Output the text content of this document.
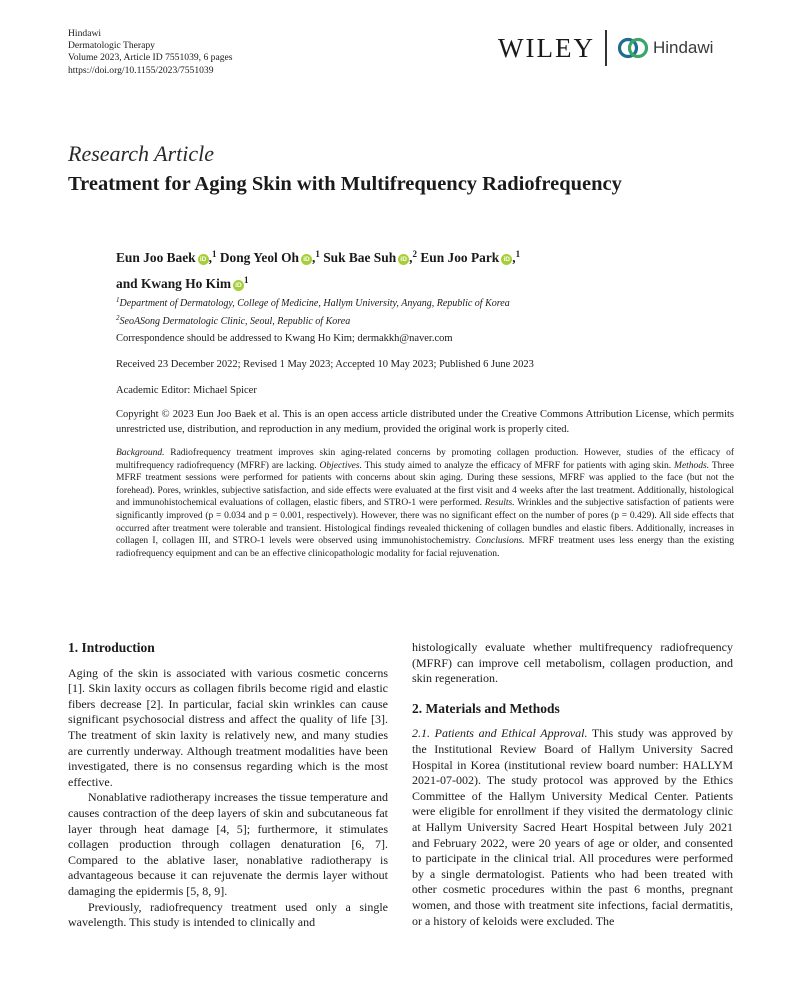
Hindawi
Dermatologic Therapy
Volume 2023, Article ID 7551039, 6 pages
https://doi.org/10.1155/2023/7551039
WILEY	Hindawi
Research Article
Treatment for Aging Skin with Multifrequency Radiofrequency
Eun Joo Baek iD ,$^1$ Dong Yeol Oh iD ,$^1$ Suk Bae Suh iD ,$^2$ Eun Joo Park iD ,$^1$
and Kwang Ho Kim iD$^1$
$^1$Department of Dermatology, College of Medicine, Hallym University, Anyang, Republic of Korea
$^2$SeoASong Dermatologic Clinic, Seoul, Republic of Korea
Correspondence should be addressed to Kwang Ho Kim; dermakkh@naver.com
Received 23 December 2022; Revised 1 May 2023; Accepted 10 May 2023; Published 6 June 2023
Academic Editor: Michael Spicer
Copyright © 2023 Eun Joo Baek et al. This is an open access article distributed under the Creative Commons Attribution License, which permits unrestricted use, distribution, and reproduction in any medium, provided the original work is properly cited.
Background. Radiofrequency treatment improves skin aging-related concerns by promoting collagen production. However, studies of the efficacy of multifrequency radiofrequency (MFRF) are lacking. Objectives. This study aimed to analyze the efficacy of MFRF for patients with aging skin. Methods. Three MFRF treatment sessions were performed for patients with concerns about skin aging. During these sessions, MFRF was applied to the face (but not the forehead). Pores, wrinkles, subjective satisfaction, and side effects were evaluated at the first visit and 4 weeks after the last treatment. Additionally, histological and immunohistochemical evaluations of collagen, elastic fibers, and STRO-1 were performed. Results. Wrinkles and the subjective satisfaction of patients were significantly improved (p = 0.034 and p = 0.001, respectively). However, there was no significant effect on the number of pores (p = 0.429). All side effects that occurred after treatment were tolerable and transient. Histological findings revealed thickening of collagen bundles and elastic fibers. Additionally, increases in collagen I, collagen III, and STRO-1 levels were observed using immunohistochemistry. Conclusions. MFRF treatment uses less energy than the existing radiofrequency equipment and can be an effective clinicopathologic modality for facial rejuvenation.
1. Introduction

Aging of the skin is associated with various cosmetic concerns [1]. Skin laxity occurs as collagen fibrils become rigid and elastic fibers decrease [2]. In particular, facial skin wrinkles can cause significant psychosocial distress and affect the quality of life [3]. The treatment of skin laxity is relatively new, and many studies are currently underway. Although treatment modalities have been investigated, there is no consensus regarding which is the most effective.

Nonablative radiotherapy increases the tissue temperature and causes contraction of the deep layers of skin and subcutaneous fat layer through heat damage [4, 5]; furthermore, it stimulates collagen production through collagen denaturation [6, 7]. Compared to the ablative laser, nonablative radiotherapy is advantageous because it can rejuvenate the dermis layer without damaging the epidermis [5, 8, 9].

Previously, radiofrequency treatment used only a single wavelength. This study is intended to clinically and

histologically evaluate whether multifrequency radiofrequency (MFRF) can improve cell metabolism, collagen production, and skin regeneration.

2. Materials and Methods

2.1. Patients and Ethical Approval. This study was approved by the Institutional Review Board of Hallym University Sacred Hospital in Korea (institutional review board number: HALLYM 2021-07-002). The study protocol was approved by the Ethics Committee of the Hallym University Medical Center. Patients were eligible for enrollment if they visited the dermatology clinic at Hallym University Sacred Heart Hospital between July 2021 and February 2022, were 20 years of age or older, and consented to participate in the clinical trial. All procedures were performed by a single dermatologist. Patients who had been treated with other cosmetic procedures within the past 6 months, pregnant women, and those with treatment site infections, facial dermatitis, or a history of keloids were excluded. The
